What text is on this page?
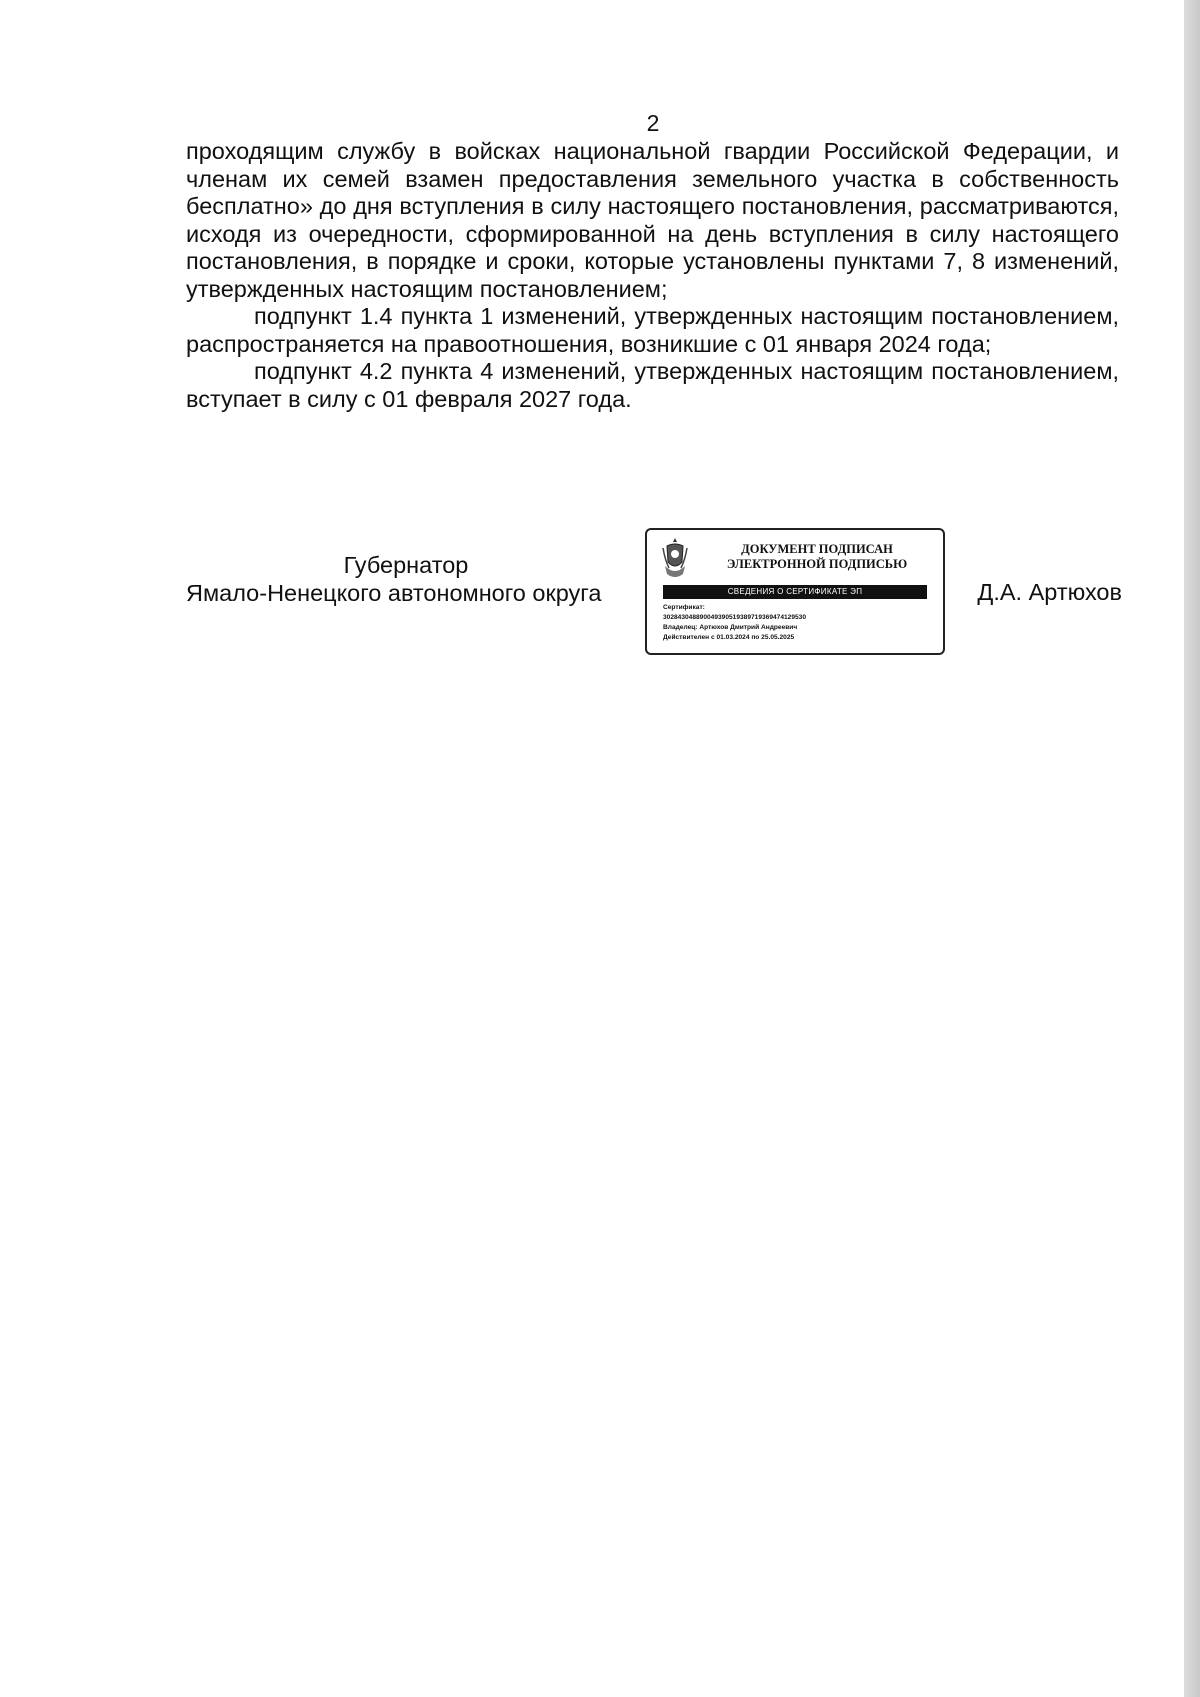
2

проходящим службу в войсках национальной гвардии Российской Федерации, и членам их семей взамен предоставления земельного участка в собственность бесплатно» до дня вступления в силу настоящего постановления, рассматриваются, исходя из очередности, сформированной на день вступления в силу настоящего постановления, в порядке и сроки, которые установлены пунктами 7, 8 изменений, утвержденных настоящим постановлением;

подпункт 1.4 пункта 1 изменений, утвержденных настоящим постановлением, распространяется на правоотношения, возникшие с 01 января 2024 года;

подпункт 4.2 пункта 4 изменений, утвержденных настоящим постановлением, вступает в силу с 01 февраля 2027 года.

Губернатор
Ямало-Ненецкого автономного округа
ДОКУМЕНТ ПОДПИСАН
ЭЛЕКТРОННОЙ ПОДПИСЬЮ
СВЕДЕНИЯ О СЕРТИФИКАТЕ ЭП
Сертификат:
302843048890049390519389719369474129530
Владелец: Артюхов Дмитрий Андреевич
Действителен с 01.03.2024 по 25.05.2025
Д.А. Артюхов
